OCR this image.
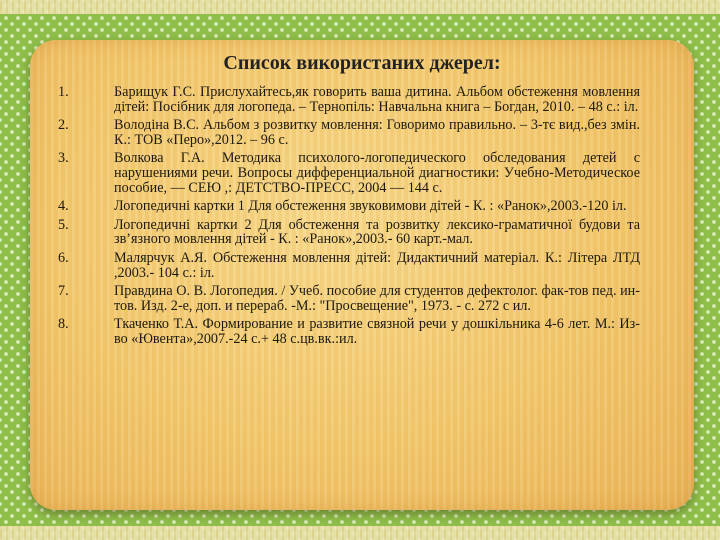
Список використаних джерел:
1.	Барищук Г.С. Прислухайтесь,як говорить ваша дитина. Альбом обстеження мовлення дітей: Посібник для логопеда. – Тернопіль: Навчальна книга – Богдан, 2010. – 48 с.: іл.
2.	Володіна В.С. Альбом з розвитку мовлення: Говоримо правильно. – 3-тє вид.,без змін. К.: ТОВ «Перо»,2012. – 96 с.
3.	Волкова Г.А. Методика психолого-логопедического обследования детей с нарушениями речи. Вопросы дифференциальной диагностики: Учебно-Методическое пособие, — СЕЮ ,: ДЕТСТВО-ПРЕСС, 2004 — 144 с.
4.	Логопедичні картки 1 Для обстеження звуковимови дітей - К. : «Ранок»,2003.-120 іл.
5.	Логопедичні картки 2 Для обстеження та розвитку лексико-граматичної будови та зв’язного мовлення дітей - К. : «Ранок»,2003.- 60 карт.-мал.
6.	Малярчук А.Я. Обстеження мовлення дітей: Дидактичний матеріал. К.: Літера ЛТД ,2003.- 104 с.: іл.
7.	Правдина О. В. Логопедия. / Учеб. пособие для студентов дефектолог. фак-тов пед. ин-тов. Изд. 2-е, доп. и перераб. -М.: "Просвещение", 1973. - с. 272 с ил.
8.	Ткаченко Т.А. Формирование и развитие связной речи у дошкільника 4-6 лет. М.: Из-во «Ювента»,2007.-24 с.+ 48 с.цв.вк.:ил.
